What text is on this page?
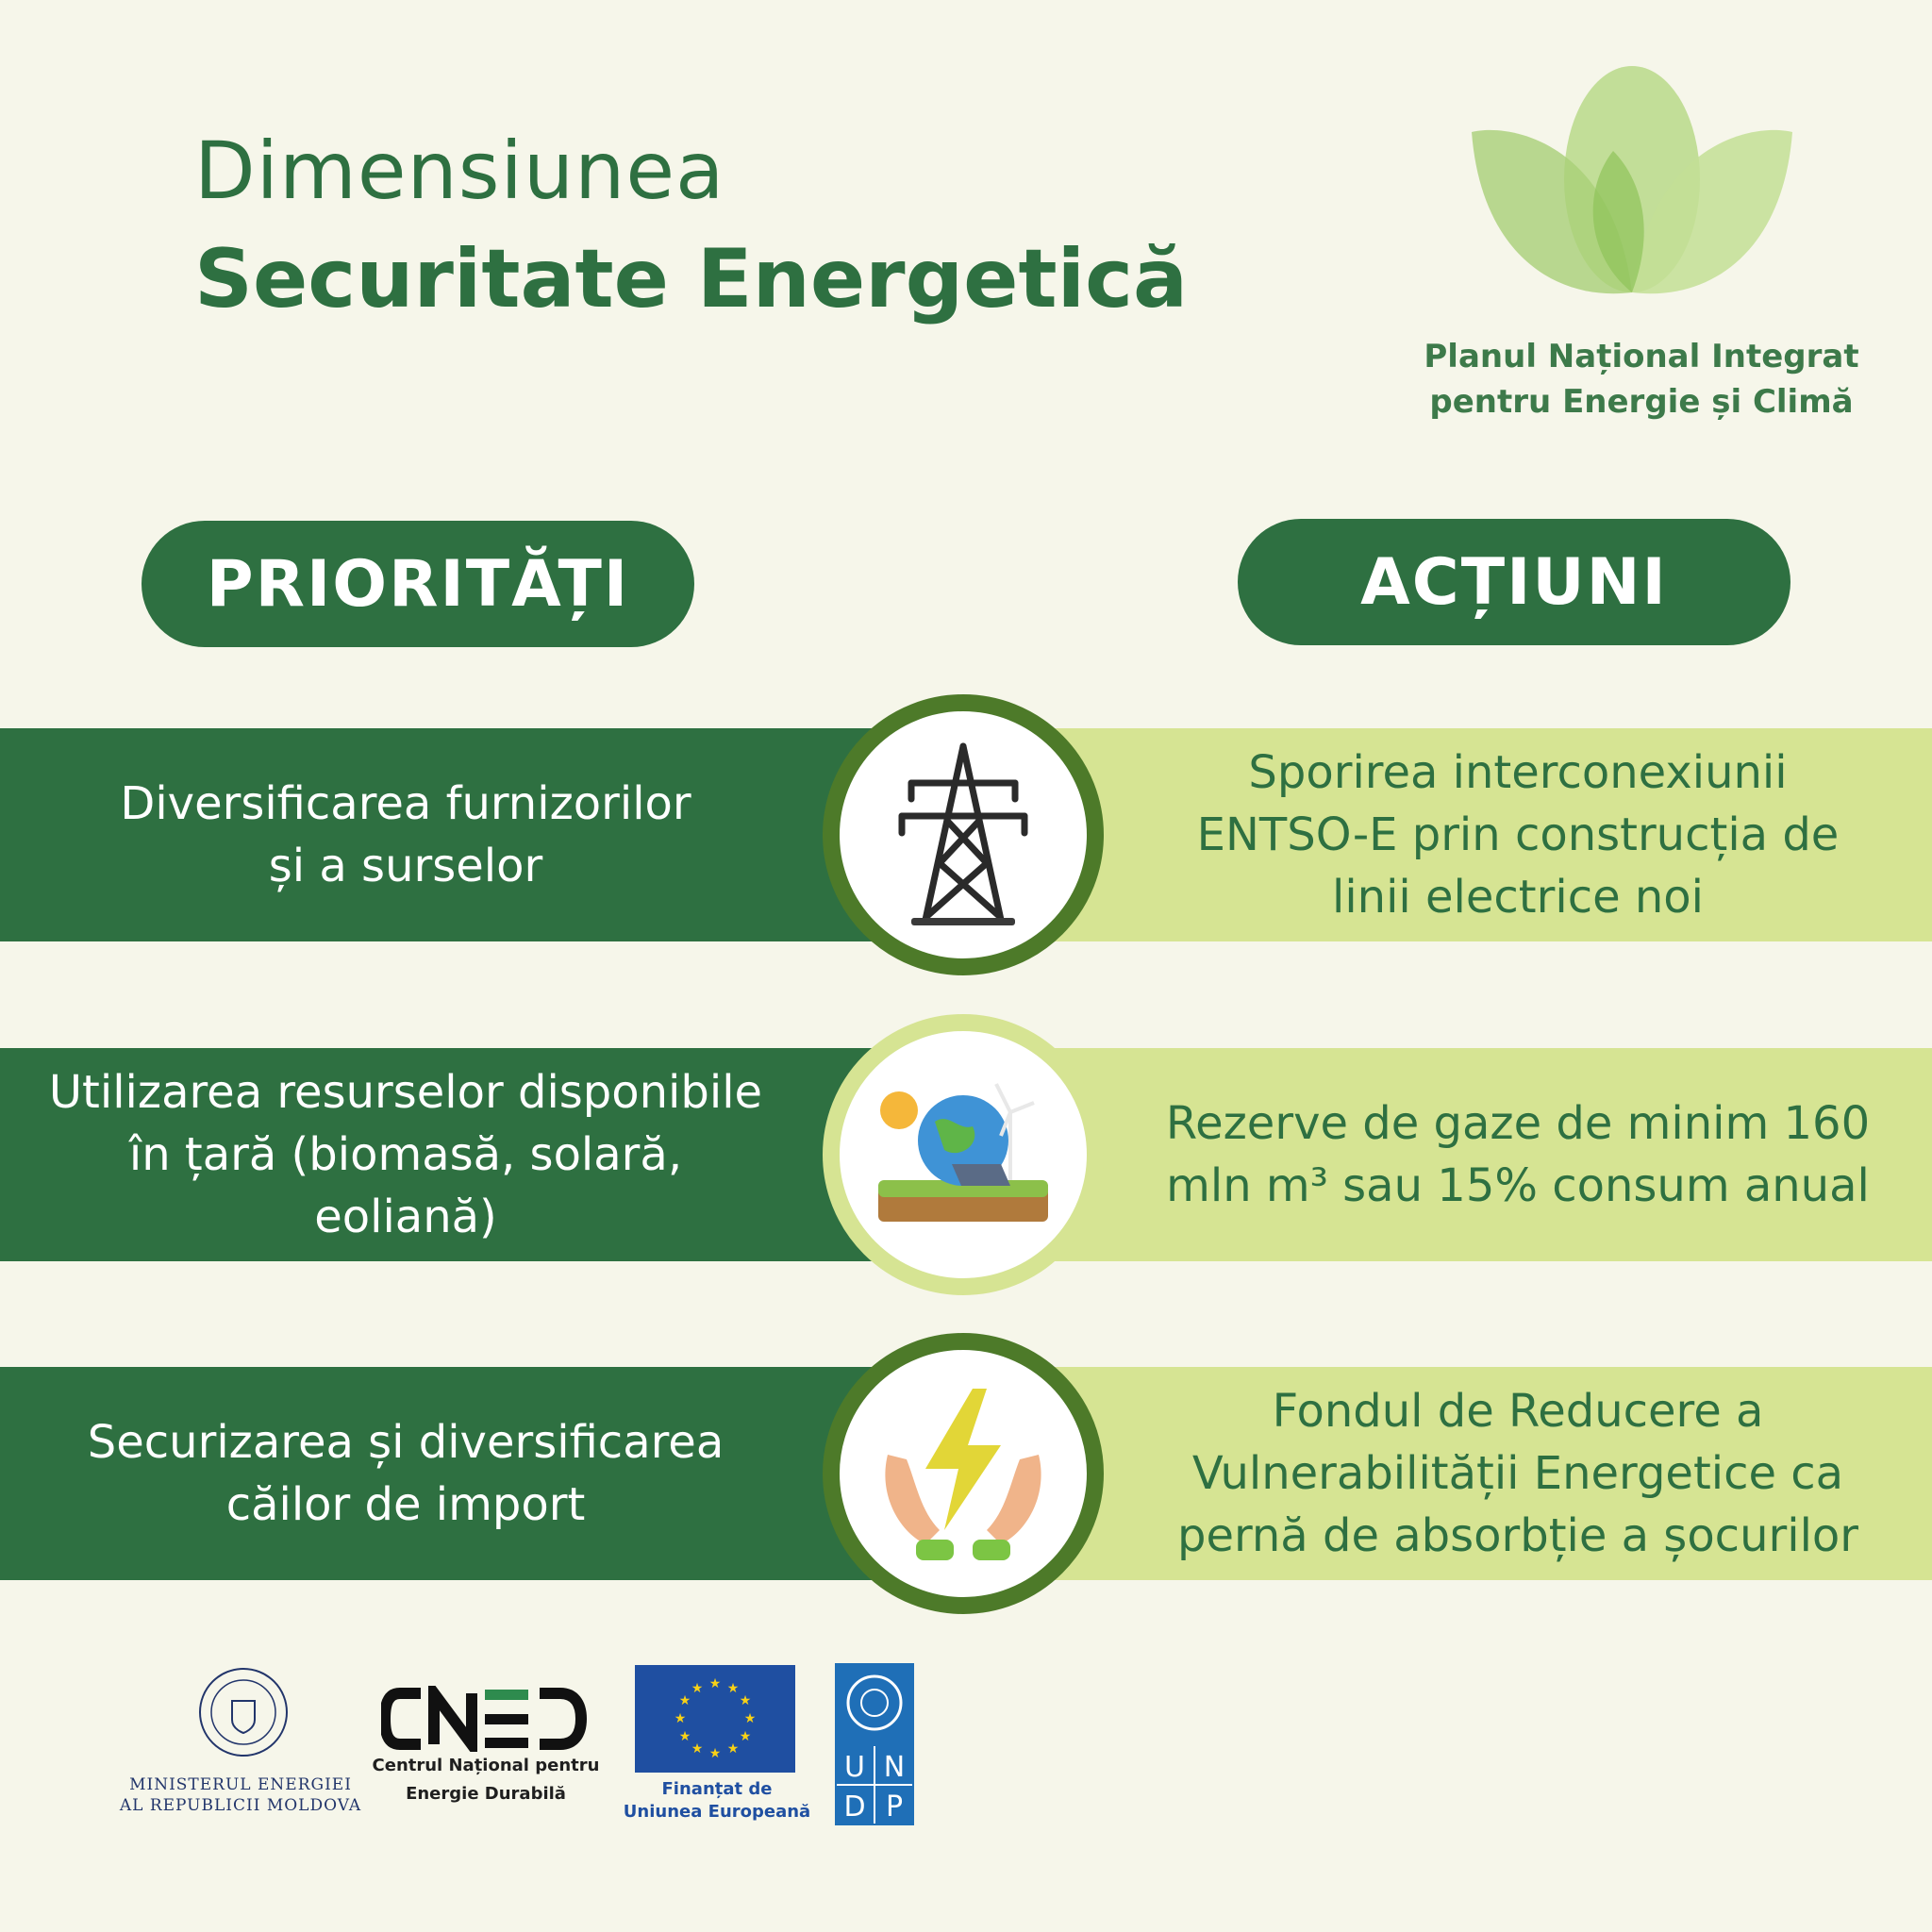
Dimensiunea
Securitate Energetică
Planul Național Integrat
pentru Energie și Climă
PRIORITĂȚI	ACȚIUNI
Diversificarea furnizorilor
și a surselor
Sporirea interconexiunii
ENTSO-E prin construcția de
linii electrice noi
Utilizarea resurselor disponibile
în țară (biomasă, solară,
eoliană)
Rezerve de gaze de minim 160
mln m³ sau 15% consum anual
Securizarea și diversificarea
căilor de import
Fondul de Reducere a
Vulnerabilității Energetice ca
pernă de absorbție a șocurilor
MINISTERUL ENERGIEI
AL REPUBLICII MOLDOVA
Centrul Național pentru
Energie Durabilă
★ ★
★
★
★
★
★
★
★
★
★
★
Finanțat de
Uniunea Europeană
U N
D P
